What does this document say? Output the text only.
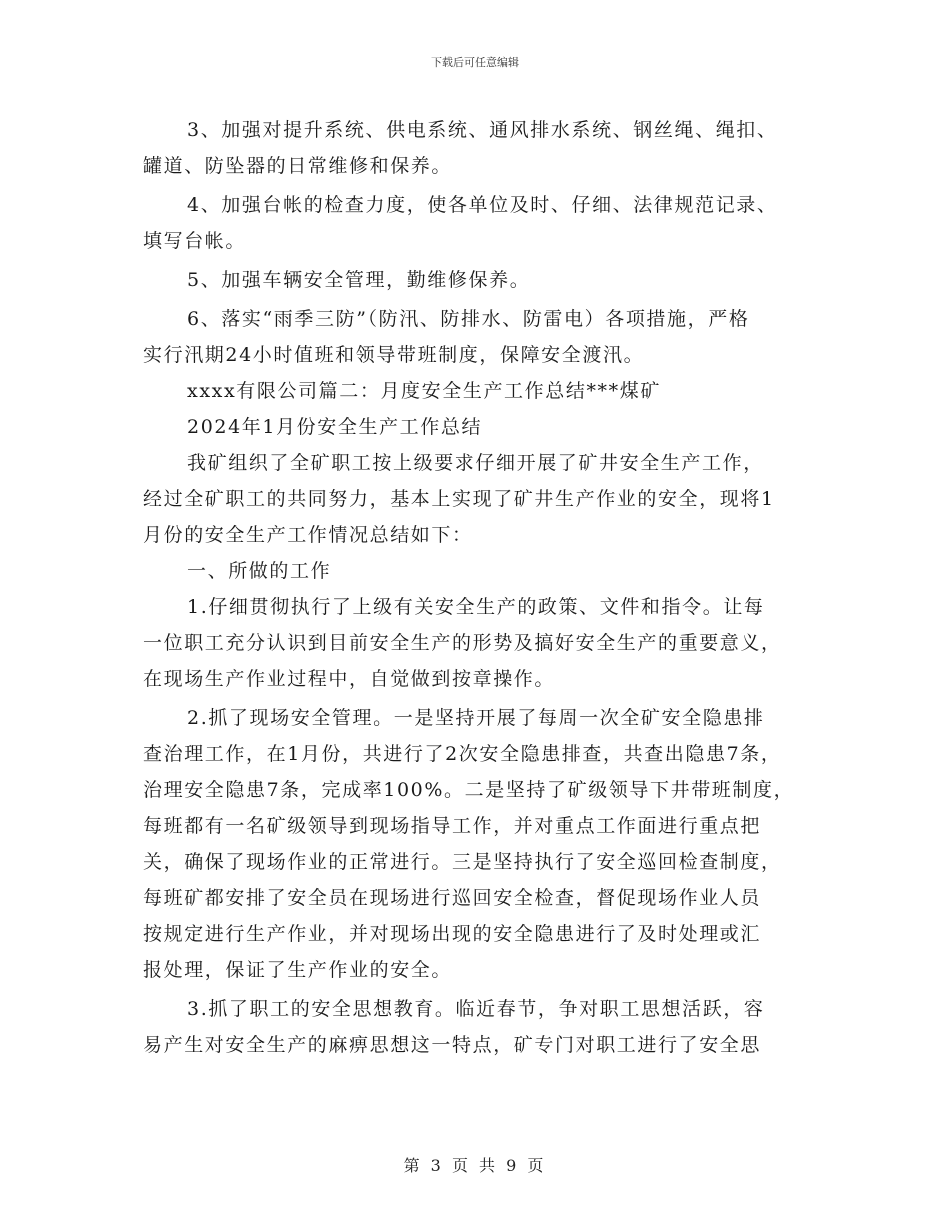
下载后可任意编辑
3、加强对提升系统、供电系统、通风排水系统、钢丝绳、绳扣、
罐道、防坠器的日常维修和保养。
4、加强台帐的检查力度，使各单位及时、仔细、法律规范记录、
填写台帐。
5、加强车辆安全管理，勤维修保养。
6、落实“雨季三防”（防汛、防排水、防雷电）各项措施，严格
实行汛期24小时值班和领导带班制度，保障安全渡汛。
xxxx有限公司篇二：月度安全生产工作总结***煤矿
2024年1月份安全生产工作总结
我矿组织了全矿职工按上级要求仔细开展了矿井安全生产工作，
经过全矿职工的共同努力，基本上实现了矿井生产作业的安全，现将1
月份的安全生产工作情况总结如下：
一、所做的工作
1.仔细贯彻执行了上级有关安全生产的政策、文件和指令。让每
一位职工充分认识到目前安全生产的形势及搞好安全生产的重要意义，
在现场生产作业过程中，自觉做到按章操作。
2.抓了现场安全管理。一是坚持开展了每周一次全矿安全隐患排
查治理工作，在1月份，共进行了2次安全隐患排查，共查出隐患7条，
治理安全隐患7条，完成率100%。二是坚持了矿级领导下井带班制度，
每班都有一名矿级领导到现场指导工作，并对重点工作面进行重点把
关，确保了现场作业的正常进行。三是坚持执行了安全巡回检查制度，
每班矿都安排了安全员在现场进行巡回安全检查，督促现场作业人员
按规定进行生产作业，并对现场出现的安全隐患进行了及时处理或汇
报处理，保证了生产作业的安全。
3.抓了职工的安全思想教育。临近春节，争对职工思想活跃，容
易产生对安全生产的麻痹思想这一特点，矿专门对职工进行了安全思
第 3 页 共 9 页
